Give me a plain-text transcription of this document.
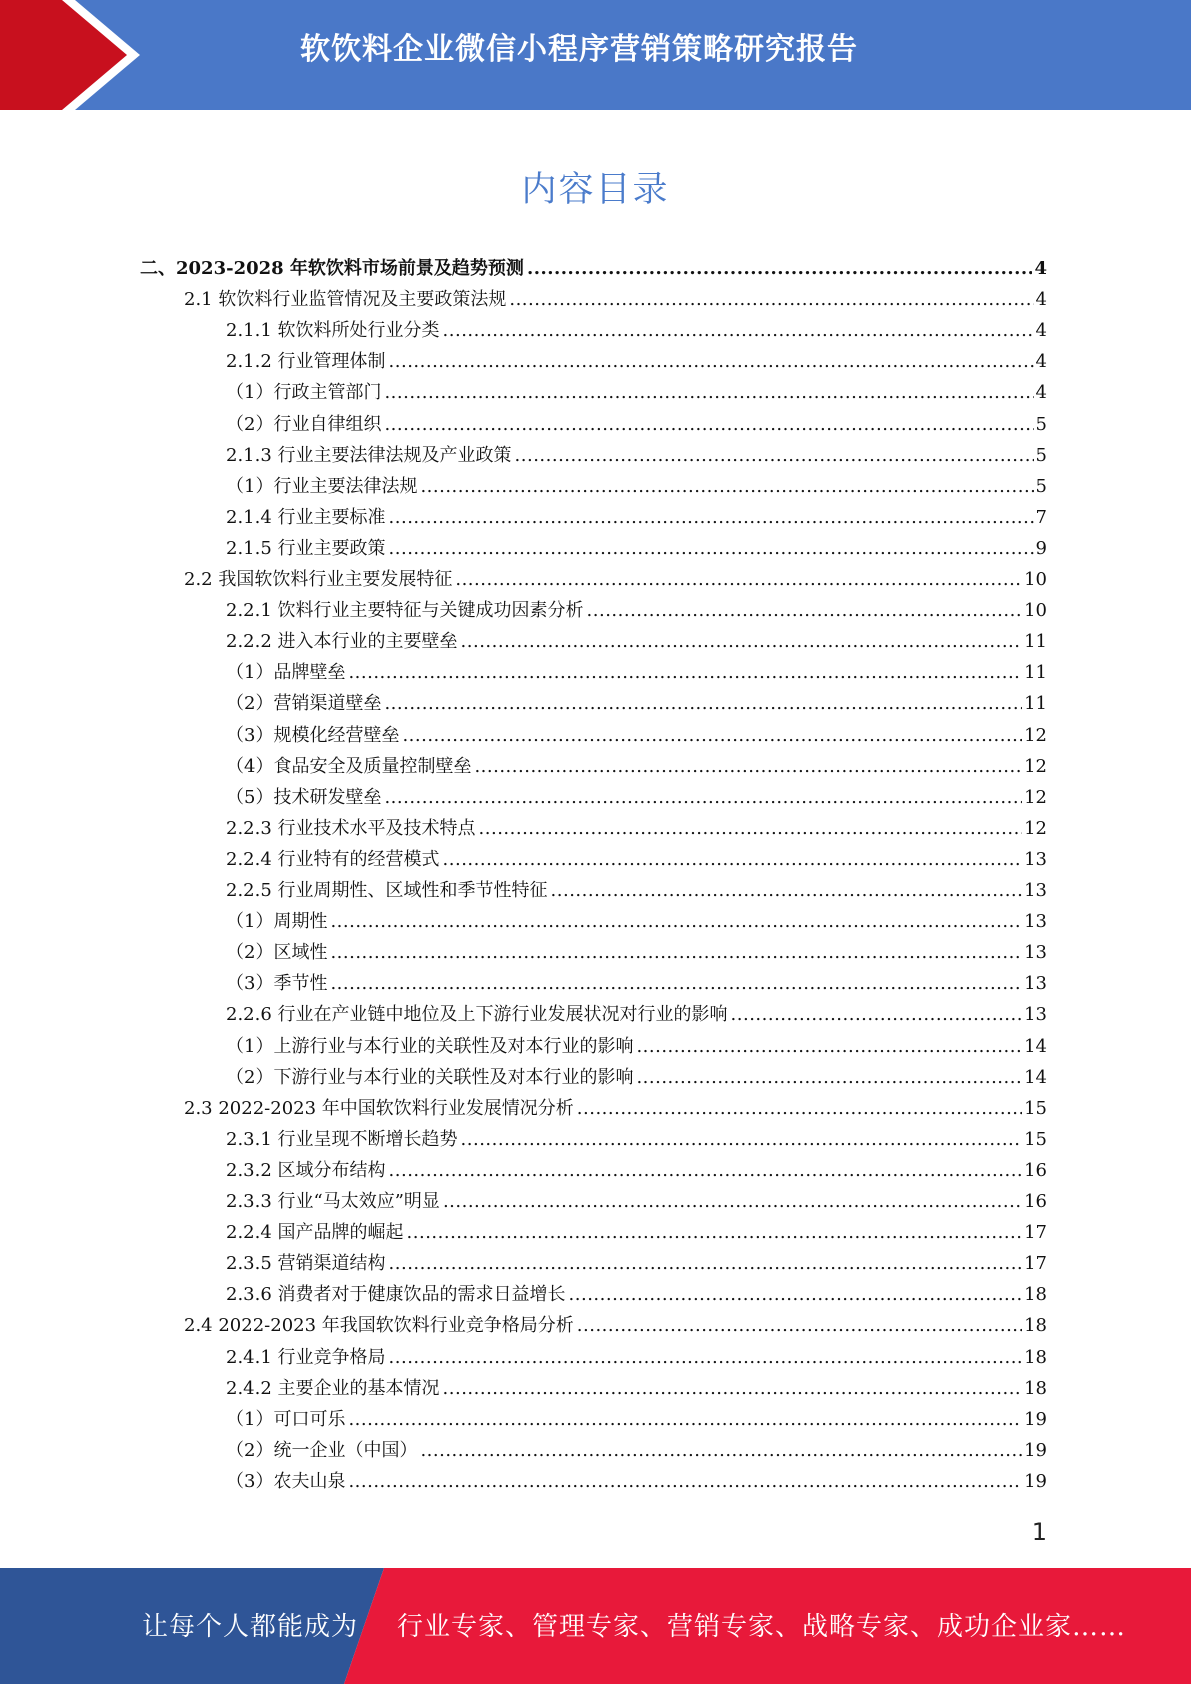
软饮料企业微信小程序营销策略研究报告
内容目录
二、2023-2028 年软饮料市场前景及趋势预测 .....	4
2.1 软饮料行业监管情况及主要政策法规 .....	4
2.1.1 软饮料所处行业分类 .....	4
2.1.2 行业管理体制 .....	4
（1）行政主管部门 .....	4
（2）行业自律组织 .....	5
2.1.3 行业主要法律法规及产业政策 .....	5
（1）行业主要法律法规 .....	5
2.1.4 行业主要标准 .....	7
2.1.5 行业主要政策 .....	9
2.2 我国软饮料行业主要发展特征 .....	10
2.2.1 饮料行业主要特征与关键成功因素分析 .....	10
2.2.2 进入本行业的主要壁垒 .....	11
（1）品牌壁垒 .....	11
（2）营销渠道壁垒 .....	11
（3）规模化经营壁垒 .....	12
（4）食品安全及质量控制壁垒 .....	12
（5）技术研发壁垒 .....	12
2.2.3 行业技术水平及技术特点 .....	12
2.2.4 行业特有的经营模式 .....	13
2.2.5 行业周期性、区域性和季节性特征 .....	13
（1）周期性 .....	13
（2）区域性 .....	13
（3）季节性 .....	13
2.2.6 行业在产业链中地位及上下游行业发展状况对行业的影响 .....	13
（1）上游行业与本行业的关联性及对本行业的影响 .....	14
（2）下游行业与本行业的关联性及对本行业的影响 .....	14
2.3 2022-2023 年中国软饮料行业发展情况分析 .....	15
2.3.1 行业呈现不断增长趋势 .....	15
2.3.2 区域分布结构 .....	16
2.3.3 行业“马太效应”明显 .....	16
2.2.4 国产品牌的崛起 .....	17
2.3.5 营销渠道结构 .....	17
2.3.6 消费者对于健康饮品的需求日益增长 .....	18
2.4 2022-2023 年我国软饮料行业竞争格局分析 .....	18
2.4.1 行业竞争格局 .....	18
2.4.2 主要企业的基本情况 .....	18
（1）可口可乐 .....	19
（2）统一企业（中国） .....	19
（3）农夫山泉 .....	19
1
让每个人都能成为 行业专家、管理专家、营销专家、战略专家、成功企业家……
